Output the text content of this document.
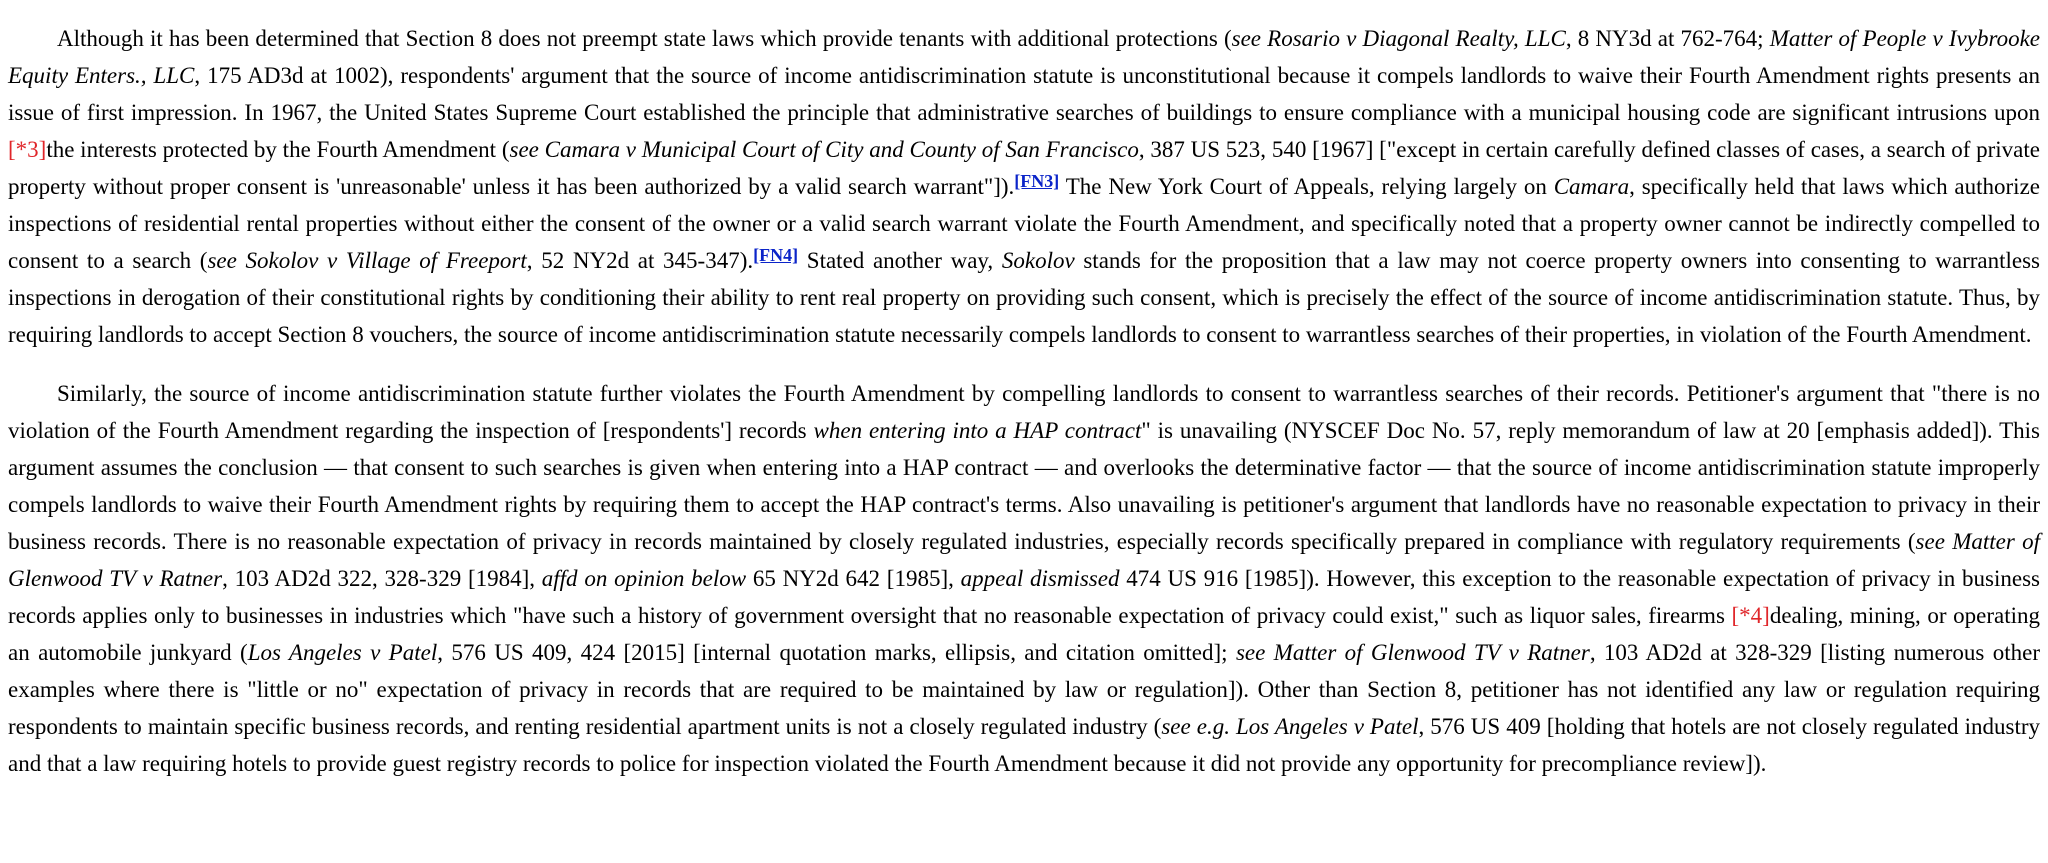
Although it has been determined that Section 8 does not preempt state laws which provide tenants with additional protections (see Rosario v Diagonal Realty, LLC, 8 NY3d at 762-764; Matter of People v Ivybrooke Equity Enters., LLC, 175 AD3d at 1002), respondents' argument that the source of income antidiscrimination statute is unconstitutional because it compels landlords to waive their Fourth Amendment rights presents an issue of first impression. In 1967, the United States Supreme Court established the principle that administrative searches of buildings to ensure compliance with a municipal housing code are significant intrusions upon [*3]the interests protected by the Fourth Amendment (see Camara v Municipal Court of City and County of San Francisco, 387 US 523, 540 [1967] ["except in certain carefully defined classes of cases, a search of private property without proper consent is 'unreasonable' unless it has been authorized by a valid search warrant"]).[FN3] The New York Court of Appeals, relying largely on Camara, specifically held that laws which authorize inspections of residential rental properties without either the consent of the owner or a valid search warrant violate the Fourth Amendment, and specifically noted that a property owner cannot be indirectly compelled to consent to a search (see Sokolov v Village of Freeport, 52 NY2d at 345-347).[FN4] Stated another way, Sokolov stands for the proposition that a law may not coerce property owners into consenting to warrantless inspections in derogation of their constitutional rights by conditioning their ability to rent real property on providing such consent, which is precisely the effect of the source of income antidiscrimination statute. Thus, by requiring landlords to accept Section 8 vouchers, the source of income antidiscrimination statute necessarily compels landlords to consent to warrantless searches of their properties, in violation of the Fourth Amendment.

Similarly, the source of income antidiscrimination statute further violates the Fourth Amendment by compelling landlords to consent to warrantless searches of their records. Petitioner's argument that "there is no violation of the Fourth Amendment regarding the inspection of [respondents'] records when entering into a HAP contract" is unavailing (NYSCEF Doc No. 57, reply memorandum of law at 20 [emphasis added]). This argument assumes the conclusion — that consent to such searches is given when entering into a HAP contract — and overlooks the determinative factor — that the source of income antidiscrimination statute improperly compels landlords to waive their Fourth Amendment rights by requiring them to accept the HAP contract's terms. Also unavailing is petitioner's argument that landlords have no reasonable expectation to privacy in their business records. There is no reasonable expectation of privacy in records maintained by closely regulated industries, especially records specifically prepared in compliance with regulatory requirements (see Matter of Glenwood TV v Ratner, 103 AD2d 322, 328-329 [1984], affd on opinion below 65 NY2d 642 [1985], appeal dismissed 474 US 916 [1985]). However, this exception to the reasonable expectation of privacy in business records applies only to businesses in industries which "have such a history of government oversight that no reasonable expectation of privacy could exist," such as liquor sales, firearms [*4]dealing, mining, or operating an automobile junkyard (Los Angeles v Patel, 576 US 409, 424 [2015] [internal quotation marks, ellipsis, and citation omitted]; see Matter of Glenwood TV v Ratner, 103 AD2d at 328-329 [listing numerous other examples where there is "little or no" expectation of privacy in records that are required to be maintained by law or regulation]). Other than Section 8, petitioner has not identified any law or regulation requiring respondents to maintain specific business records, and renting residential apartment units is not a closely regulated industry (see e.g. Los Angeles v Patel, 576 US 409 [holding that hotels are not closely regulated industry and that a law requiring hotels to provide guest registry records to police for inspection violated the Fourth Amendment because it did not provide any opportunity for precompliance review]).
